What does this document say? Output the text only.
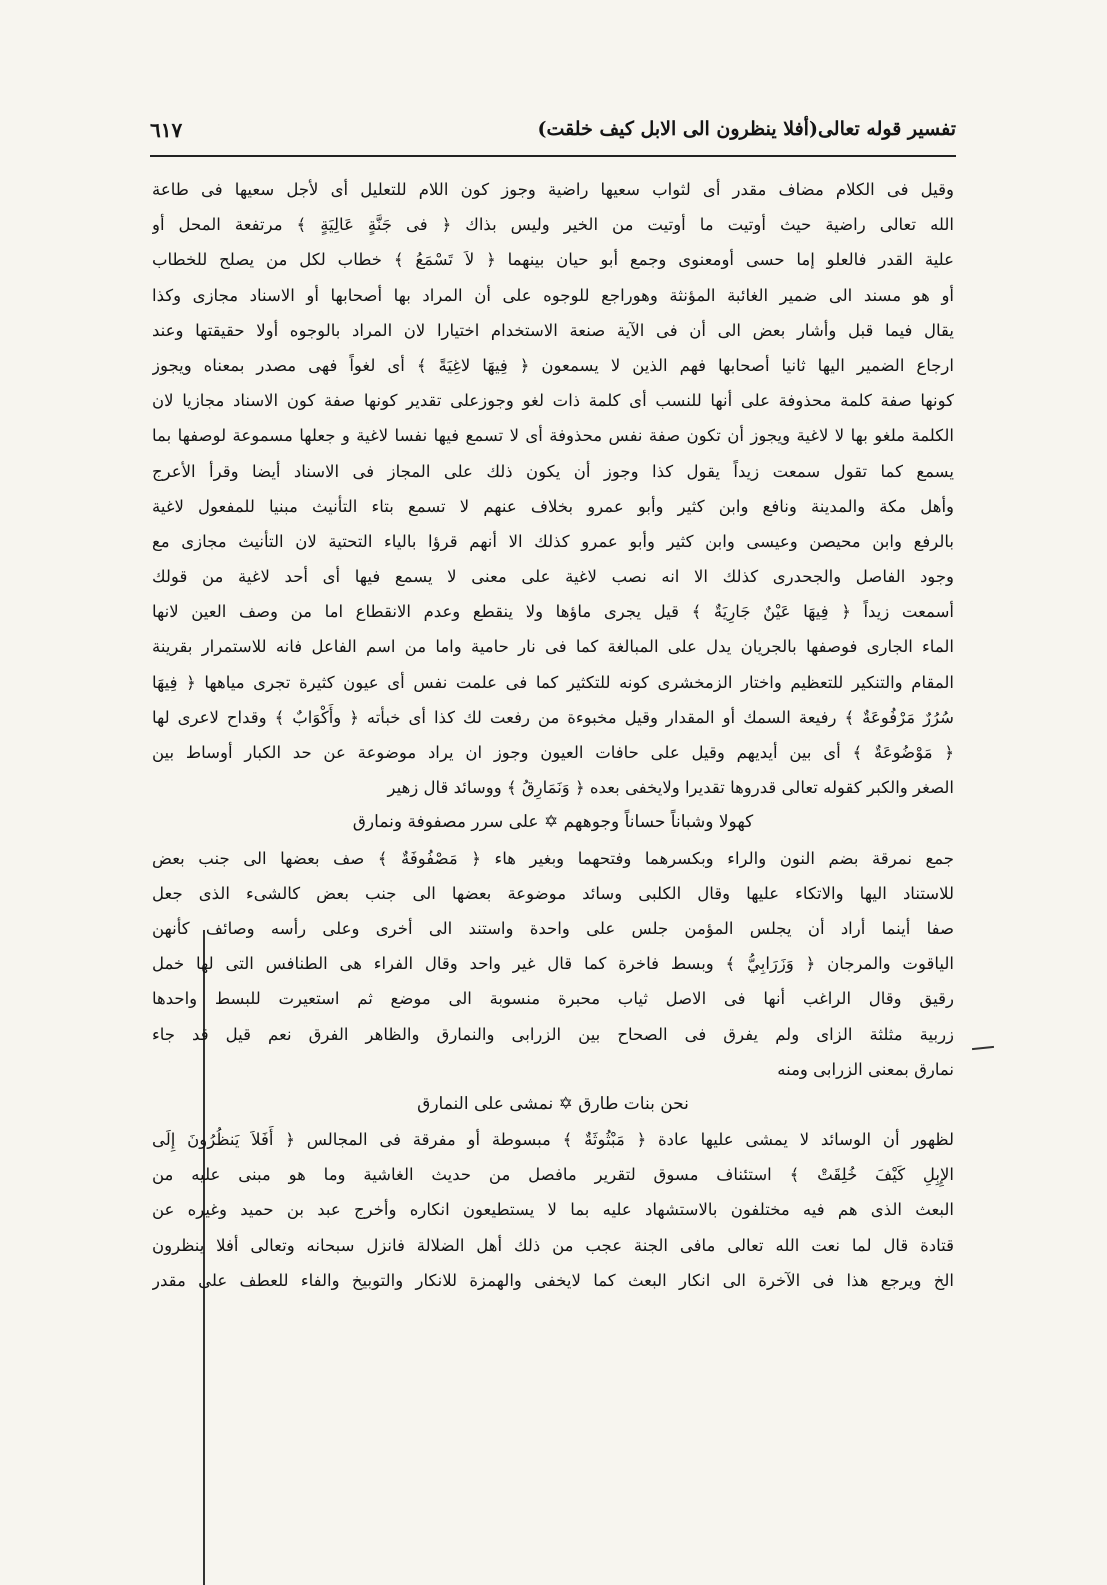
تفسير قوله تعالى(أفلا ينظرون الى الابل كيف خلقت)
٦١٧
وقيل فى الكلام مضاف مقدر أى لثواب سعيها راضية وجوز كون اللام للتعليل أى لأجل سعيها فى طاعة
الله تعالى راضية حيث أوتيت ما أوتيت من الخير وليس بذاك ﴿ فى جَنَّةٍ عَالِيَةٍ ﴾ مرتفعة المحل أو
علية القدر فالعلو إما حسى أومعنوى وجمع أبو حيان بينهما ﴿ لاَ تَسْمَعُ ﴾ خطاب لكل من يصلح للخطاب
أو هو مسند الى ضمير الغائبة المؤنثة وهوراجع للوجوه على أن المراد بها أصحابها أو الاسناد مجازى وكذا
يقال فيما قبل وأشار بعض الى أن فى الآية صنعة الاستخدام اختيارا لان المراد بالوجوه أولا حقيقتها وعند
ارجاع الضمير اليها ثانيا أصحابها فهم الذين لا يسمعون ﴿ فِيهَا لاغِيَةً ﴾ أى لغواً فهى مصدر بمعناه ويجوز
كونها صفة كلمة محذوفة على أنها للنسب أى كلمة ذات لغو وجوزعلى تقدير كونها صفة كون الاسناد مجازيا لان
الكلمة ملغو بها لا لاغية ويجوز أن تكون صفة نفس محذوفة أى لا تسمع فيها نفسا لاغية و جعلها مسموعة لوصفها بما
يسمع كما تقول سمعت زيداً يقول كذا وجوز أن يكون ذلك على المجاز فى الاسناد أيضا وقرأ الأعرج
وأهل مكة والمدينة ونافع وابن كثير وأبو عمرو بخلاف عنهم لا تسمع بتاء التأنيث مبنيا للمفعول لاغية
بالرفع وابن محيصن وعيسى وابن كثير وأبو عمرو كذلك الا أنهم قرؤا بالياء التحتية لان التأنيث مجازى مع
وجود الفاصل والجحدرى كذلك الا انه نصب لاغية على معنى لا يسمع فيها أى أحد لاغية من قولك
أسمعت زيداً ﴿ فِيهَا عَيْنٌ جَارِيَةٌ ﴾ قيل يجرى ماؤها ولا ينقطع وعدم الانقطاع اما من وصف العين لانها
الماء الجارى فوصفها بالجريان يدل على المبالغة كما فى نار حامية واما من اسم الفاعل فانه للاستمرار بقرينة
المقام والتنكير للتعظيم واختار الزمخشرى كونه للتكثير كما فى علمت نفس أى عيون كثيرة تجرى مياهها ﴿ فِيهَا
سُرُرٌ مَرْفُوعَةٌ ﴾ رفيعة السمك أو المقدار وقيل مخبوءة من رفعت لك كذا أى خبأته ﴿ وأَكْوَابٌ ﴾ وقداح لاعرى لها
﴿ مَوْضُوعَةٌ ﴾ أى بين أيديهم وقيل على حافات العيون وجوز ان يراد موضوعة عن حد الكبار أوساط بين
الصغر والكبر كقوله تعالى قدروها تقديرا ولايخفى بعده ﴿ وَنَمَارِقُ ﴾ ووسائد قال زهير
كهولا وشباناً حساناً وجوههم ✡ على سرر مصفوفة ونمارق
جمع نمرقة بضم النون والراء وبكسرهما وفتحهما وبغير هاء ﴿ مَصْفُوفَةٌ ﴾ صف بعضها الى جنب بعض
للاستناد اليها والاتكاء عليها وقال الكلبى وسائد موضوعة بعضها الى جنب بعض كالشىء الذى جعل
صفا أينما أراد أن يجلس المؤمن جلس على واحدة واستند الى أخرى وعلى رأسه وصائف كأنهن
الياقوت والمرجان ﴿ وَزَرَابِيُّ ﴾ وبسط فاخرة كما قال غير واحد وقال الفراء هى الطنافس التى لها خمل
رقيق وقال الراغب أنها فى الاصل ثياب محبرة منسوبة الى موضع ثم استعيرت للبسط واحدها
زربية مثلثة الزاى ولم يفرق فى الصحاح بين الزرابى والنمارق والظاهر الفرق نعم قيل قد جاء
نمارق بمعنى الزرابى ومنه
نحن بنات طارق ✡ نمشى على النمارق
لظهور أن الوسائد لا يمشى عليها عادة ﴿ مَبْثُوثَةٌ ﴾ مبسوطة أو مفرقة فى المجالس ﴿ أَفَلاَ يَنظُرُونَ إِلَى
الإِبِلِ كَيْفَ خُلِقَتْ ﴾ استئناف مسوق لتقرير مافصل من حديث الغاشية وما هو مبنى عليه من
البعث الذى هم فيه مختلفون بالاستشهاد عليه بما لا يستطيعون انكاره وأخرج عبد بن حميد وغيره عن
قتادة قال لما نعت الله تعالى مافى الجنة عجب من ذلك أهل الضلالة فانزل سبحانه وتعالى أفلا ينظرون
الخ ويرجع هذا فى الآخرة الى انكار البعث كما لايخفى والهمزة للانكار والتوبيخ والفاء للعطف على مقدر
